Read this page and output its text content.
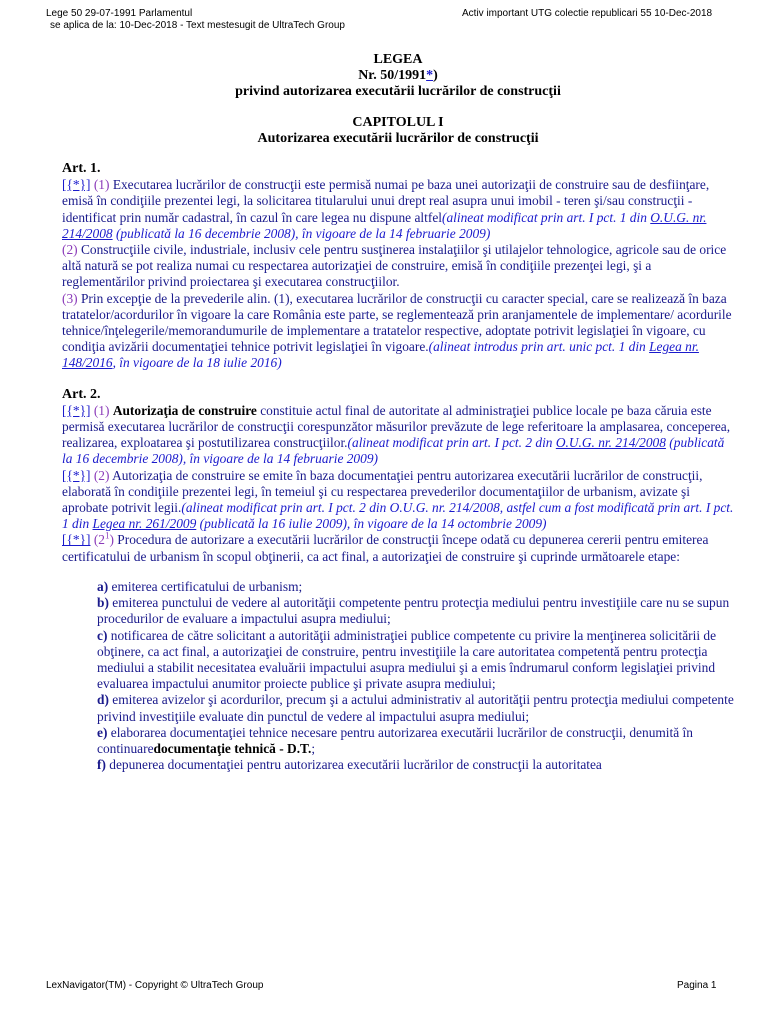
Lege 50 29-07-1991 Parlamentul
se aplica de la: 10-Dec-2018 - Text mestesugit de UltraTech Group
Activ important UTG colectie republicari 55 10-Dec-2018

LEGEA

Nr. 50/1991*)

privind autorizarea executării lucrărilor de construcţii

CAPITOLUL I

Autorizarea executării lucrărilor de construcţii

Art. 1.

[{*}] (1) Executarea lucrărilor de construcţii este permisă numai pe baza unei autorizaţii de construire sau de desfiinţare, emisă în condiţiile prezentei legi, la solicitarea titularului unui drept real asupra unui imobil - teren şi/sau construcţii - identificat prin număr cadastral, în cazul în care legea nu dispune altfel(alineat modificat prin art. I pct. 1 din O.U.G. nr. 214/2008 (publicată la 16 decembrie 2008), în vigoare de la 14 februarie 2009)

(2) Construcţiile civile, industriale, inclusiv cele pentru susţinerea instalaţiilor şi utilajelor tehnologice, agricole sau de orice altă natură se pot realiza numai cu respectarea autorizaţiei de construire, emisă în condiţiile prezenţei legi, şi a reglementărilor privind proiectarea şi executarea construcţiilor.

(3) Prin excepţie de la prevederile alin. (1), executarea lucrărilor de construcţii cu caracter special, care se realizează în baza tratatelor/acordurilor în vigoare la care România este parte, se reglementează prin aranjamentele de implementare/ acordurile tehnice/înţelegerile/memorandumurile de implementare a tratatelor respective, adoptate potrivit legislaţiei în vigoare, cu condiţia avizării documentaţiei tehnice potrivit legislaţiei în vigoare.(alineat introdus prin art. unic pct. 1 din Legea nr. 148/2016, în vigoare de la 18 iulie 2016)

Art. 2.

[{*}] (1) Autorizaţia de construire constituie actul final de autoritate al administraţiei publice locale pe baza căruia este permisă executarea lucrărilor de construcţii corespunzător măsurilor prevăzute de lege referitoare la amplasarea, conceperea, realizarea, exploatarea şi postutilizarea construcţiilor.(alineat modificat prin art. I pct. 2 din O.U.G. nr. 214/2008 (publicată la 16 decembrie 2008), în vigoare de la 14 februarie 2009)

[{*}] (2) Autorizaţia de construire se emite în baza documentaţiei pentru autorizarea executării lucrărilor de construcţii, elaborată în condiţiile prezentei legi, în temeiul şi cu respectarea prevederilor documentaţiilor de urbanism, avizate şi aprobate potrivit legii.(alineat modificat prin art. I pct. 2 din O.U.G. nr. 214/2008, astfel cum a fost modificată prin art. I pct. 1 din Legea nr. 261/2009 (publicată la 16 iulie 2009), în vigoare de la 14 octombrie 2009)

[{*}] $(2^1)$ Procedura de autorizare a executării lucrărilor de construcţii începe odată cu depunerea cererii pentru emiterea certificatului de urbanism în scopul obţinerii, ca act final, a autorizaţiei de construire şi cuprinde următoarele etape:

a) emiterea certificatului de urbanism;

b) emiterea punctului de vedere al autorităţii competente pentru protecţia mediului pentru investiţiile care nu se supun procedurilor de evaluare a impactului asupra mediului;

c) notificarea de către solicitant a autorităţii administraţiei publice competente cu privire la menţinerea solicitării de obţinere, ca act final, a autorizaţiei de construire, pentru investiţiile la care autoritatea competentă pentru protecţia mediului a stabilit necesitatea evaluării impactului asupra mediului şi a emis îndrumarul conform legislaţiei privind evaluarea impactului anumitor proiecte publice şi private asupra mediului;

d) emiterea avizelor şi acordurilor, precum şi a actului administrativ al autorităţii pentru protecţia mediului competente privind investiţiile evaluate din punctul de vedere al impactului asupra mediului;

e) elaborarea documentaţiei tehnice necesare pentru autorizarea executării lucrărilor de construcţii, denumită în continuaredocumentaţie tehnică - D.T.;

f) depunerea documentaţiei pentru autorizarea executării lucrărilor de construcţii la autoritatea

LexNavigator(TM) - Copyright © UltraTech Group	Pagina 1
